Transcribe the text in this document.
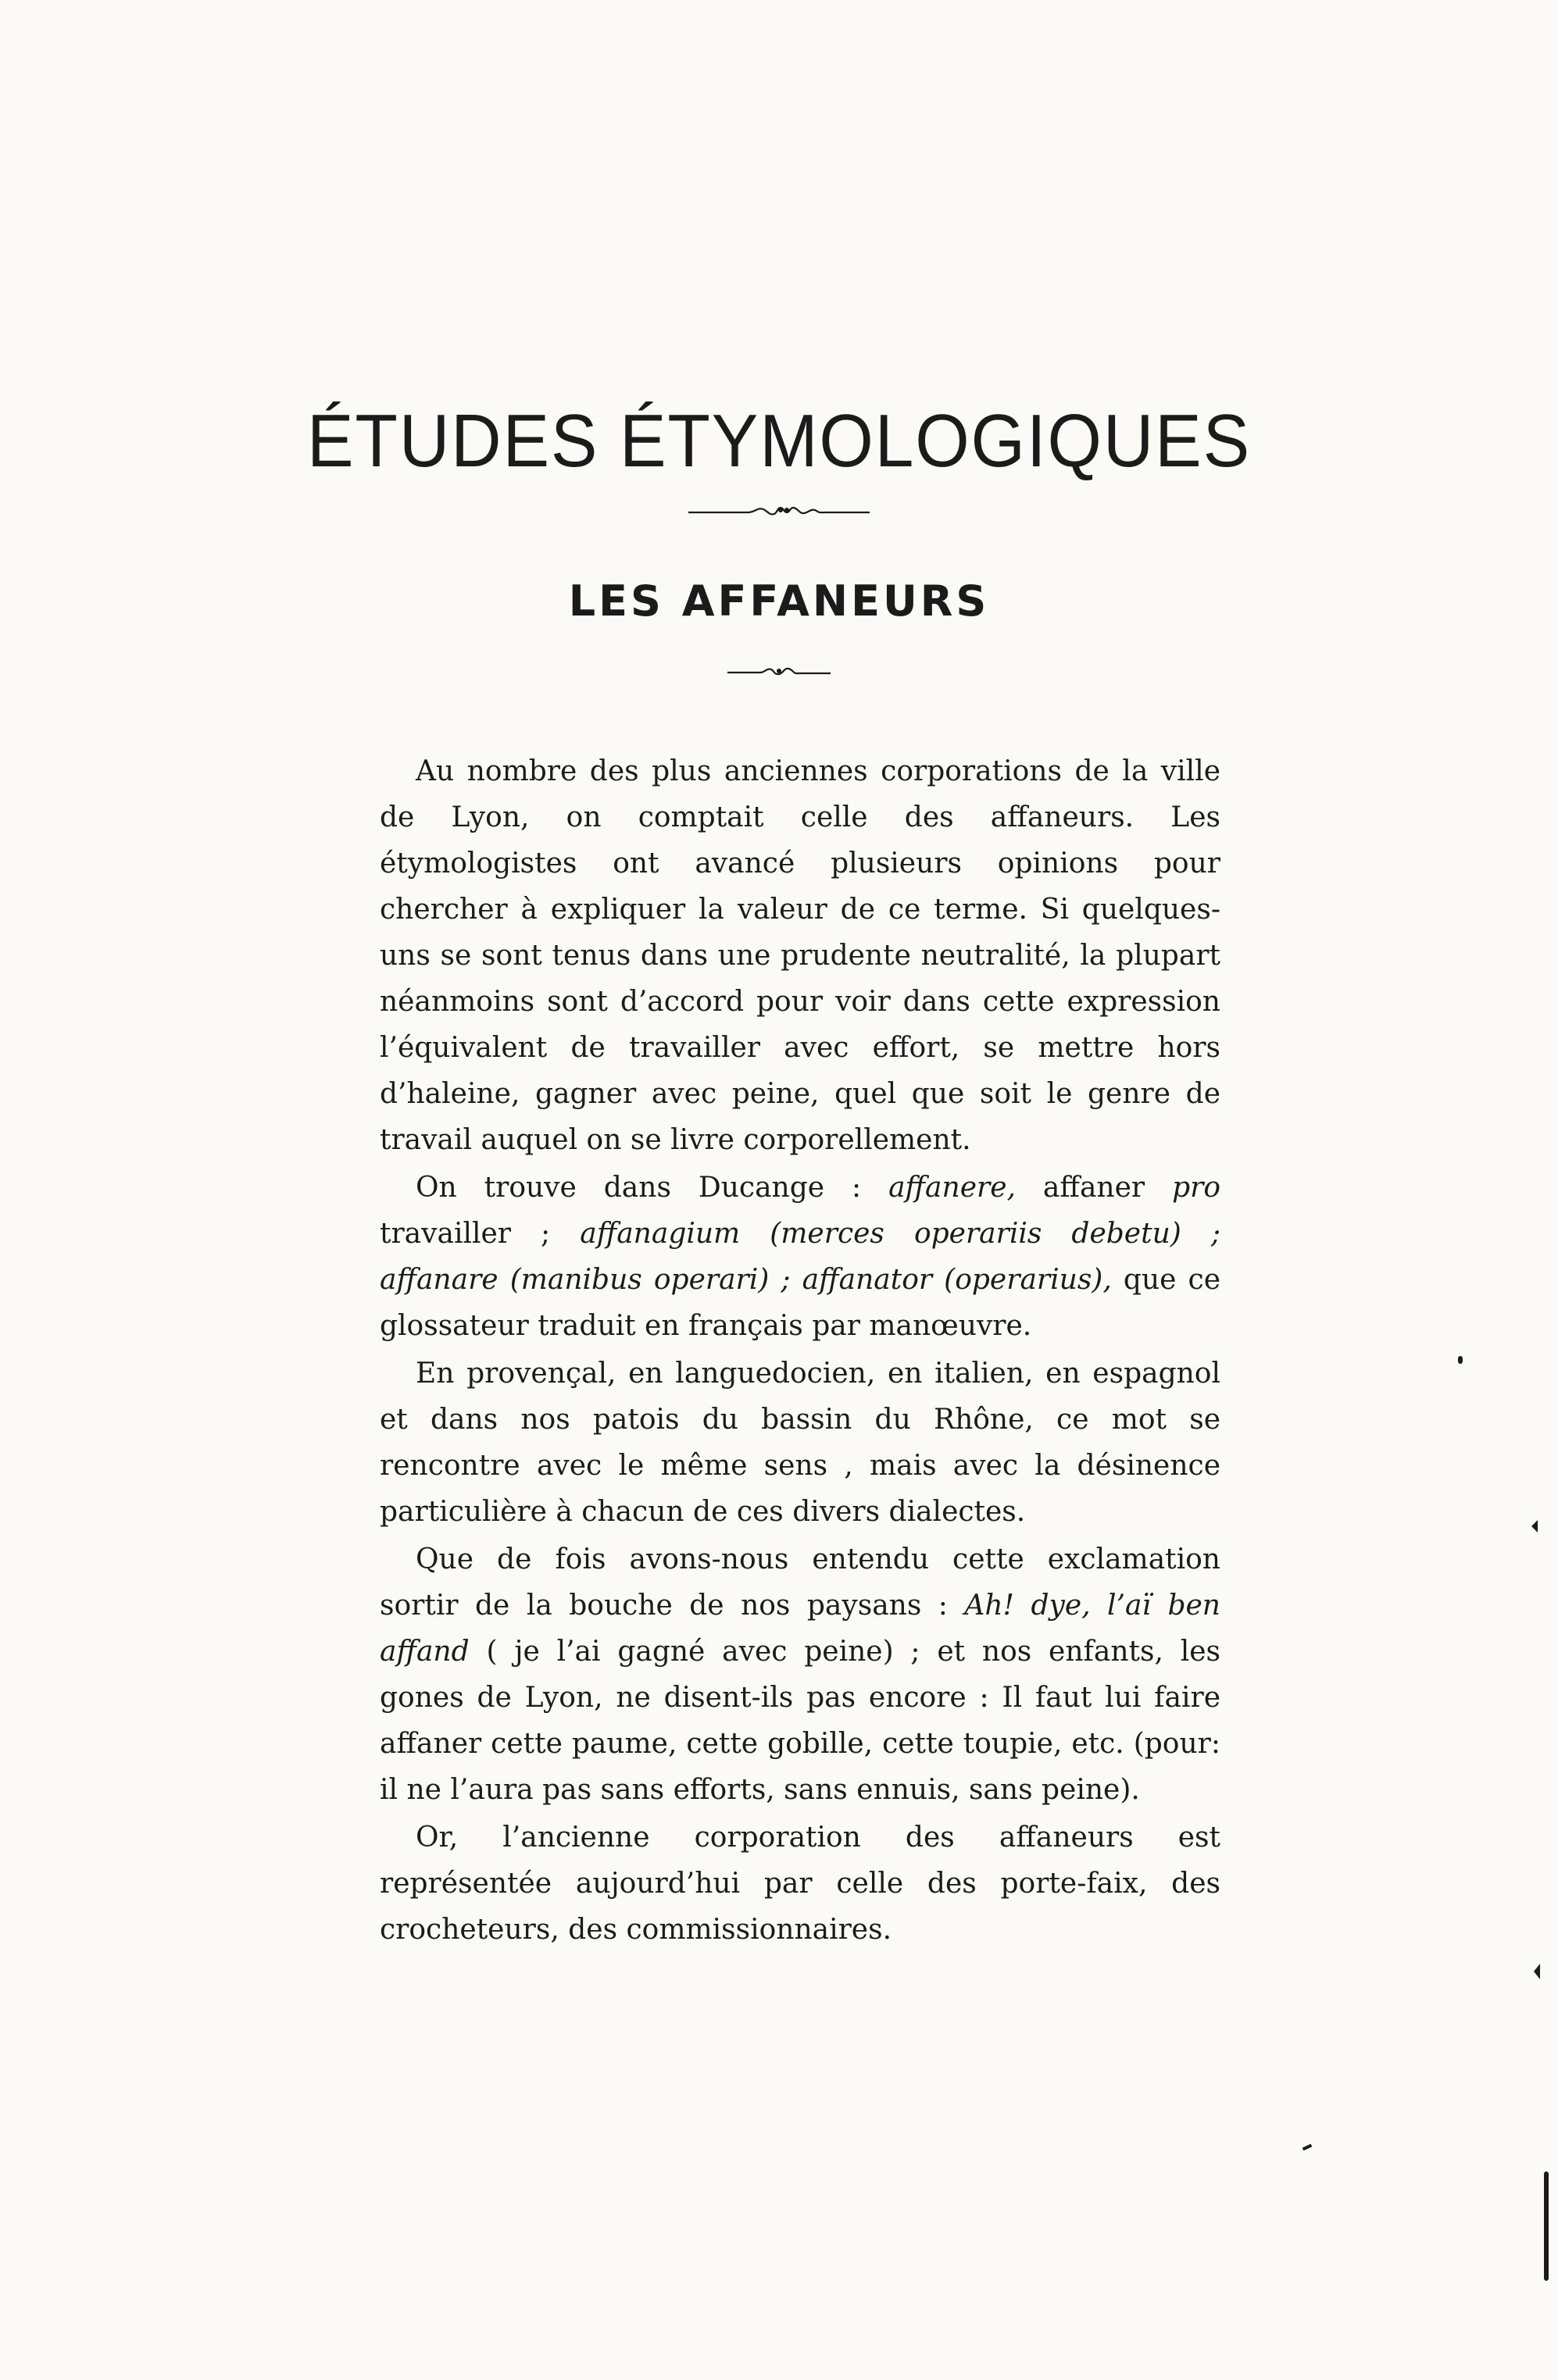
ÉTUDES ÉTYMOLOGIQUES
LES AFFANEURS

Au nombre des plus anciennes corporations de la ville de Lyon, on comptait celle des affaneurs. Les étymologistes ont avancé plusieurs opinions pour chercher à expliquer la valeur de ce terme. Si quelques-uns se sont tenus dans une prudente neutralité, la plupart néanmoins sont d’accord pour voir dans cette expression l’équivalent de travailler avec effort, se mettre hors d’haleine, gagner avec peine, quel que soit le genre de travail auquel on se livre corporellement.

On trouve dans Ducange : affanere, affaner pro travailler ; affanagium (merces operariis debetu) ; affanare (manibus operari) ; affanator (operarius), que ce glossateur traduit en français par manœuvre.

En provençal, en languedocien, en italien, en espagnol et dans nos patois du bassin du Rhône, ce mot se rencontre avec le même sens , mais avec la désinence particulière à chacun de ces divers dialectes.

Que de fois avons-nous entendu cette exclamation sortir de la bouche de nos paysans : Ah! dye, l’aï ben affand ( je l’ai gagné avec peine) ; et nos enfants, les gones de Lyon, ne disent-ils pas encore : Il faut lui faire affaner cette paume, cette gobille, cette toupie, etc. (pour: il ne l’aura pas sans efforts, sans ennuis, sans peine).

Or, l’ancienne corporation des affaneurs est représentée aujourd’hui par celle des porte-faix, des crocheteurs, des commissionnaires.
